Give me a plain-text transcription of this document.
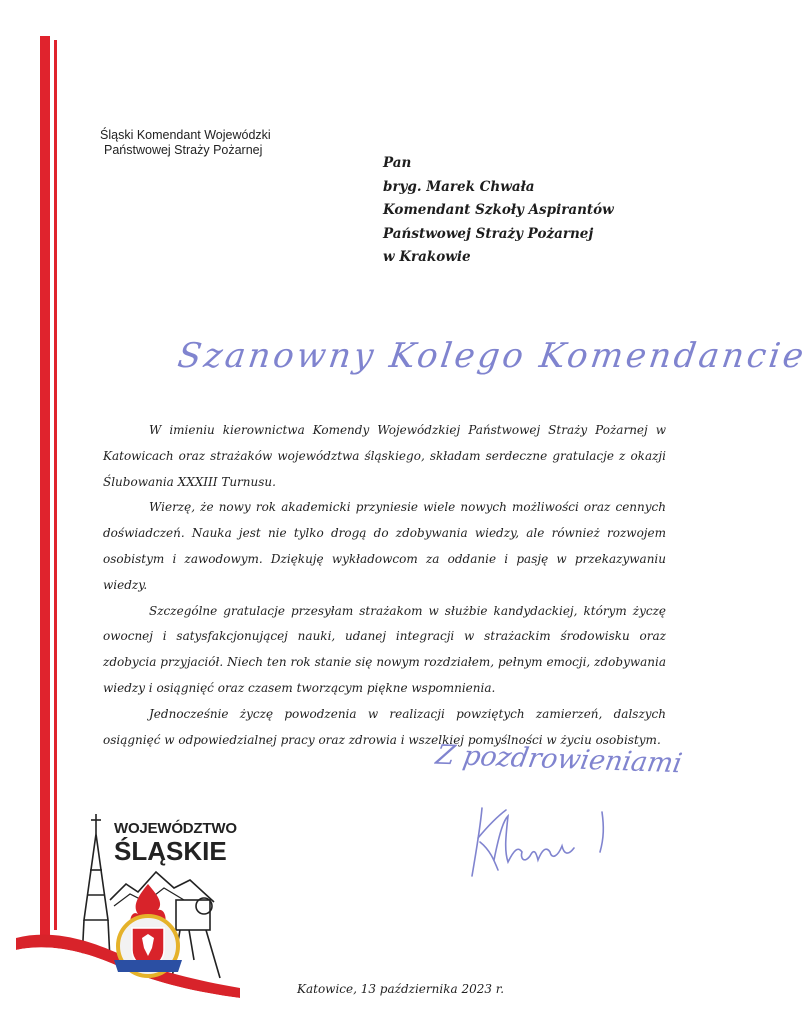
Śląski Komendant Wojewódzki
Państwowej Straży Pożarnej
Pan
bryg. Marek Chwała
Komendant Szkoły Aspirantów
Państwowej Straży Pożarnej
w Krakowie
Szanowny Kolego Komendancie

W imieniu kierownictwa Komendy Wojewódzkiej Państwowej Straży Pożarnej w Katowicach oraz strażaków województwa śląskiego, składam serdeczne gratulacje z okazji Ślubowania XXXIII Turnusu.

Wierzę, że nowy rok akademicki przyniesie wiele nowych możliwości oraz cennych doświadczeń. Nauka jest nie tylko drogą do zdobywania wiedzy, ale również rozwojem osobistym i zawodowym. Dziękuję wykładowcom za oddanie i pasję w przekazywaniu wiedzy.

Szczególne gratulacje przesyłam strażakom w służbie kandydackiej, którym życzę owocnej i satysfakcjonującej nauki, udanej integracji w strażackim środowisku oraz zdobycia przyjaciół. Niech ten rok stanie się nowym rozdziałem, pełnym emocji, zdobywania wiedzy i osiągnięć oraz czasem tworzącym piękne wspomnienia.

Jednocześnie życzę powodzenia w realizacji powziętych zamierzeń, dalszych osiągnięć w odpowiedzialnej pracy oraz zdrowia i wszelkiej pomyślności w życiu osobistym.

Z pozdrowieniami
Katowice, 13 października 2023 r.
WOJEWÓDZTWO
ŚLĄSKIE
